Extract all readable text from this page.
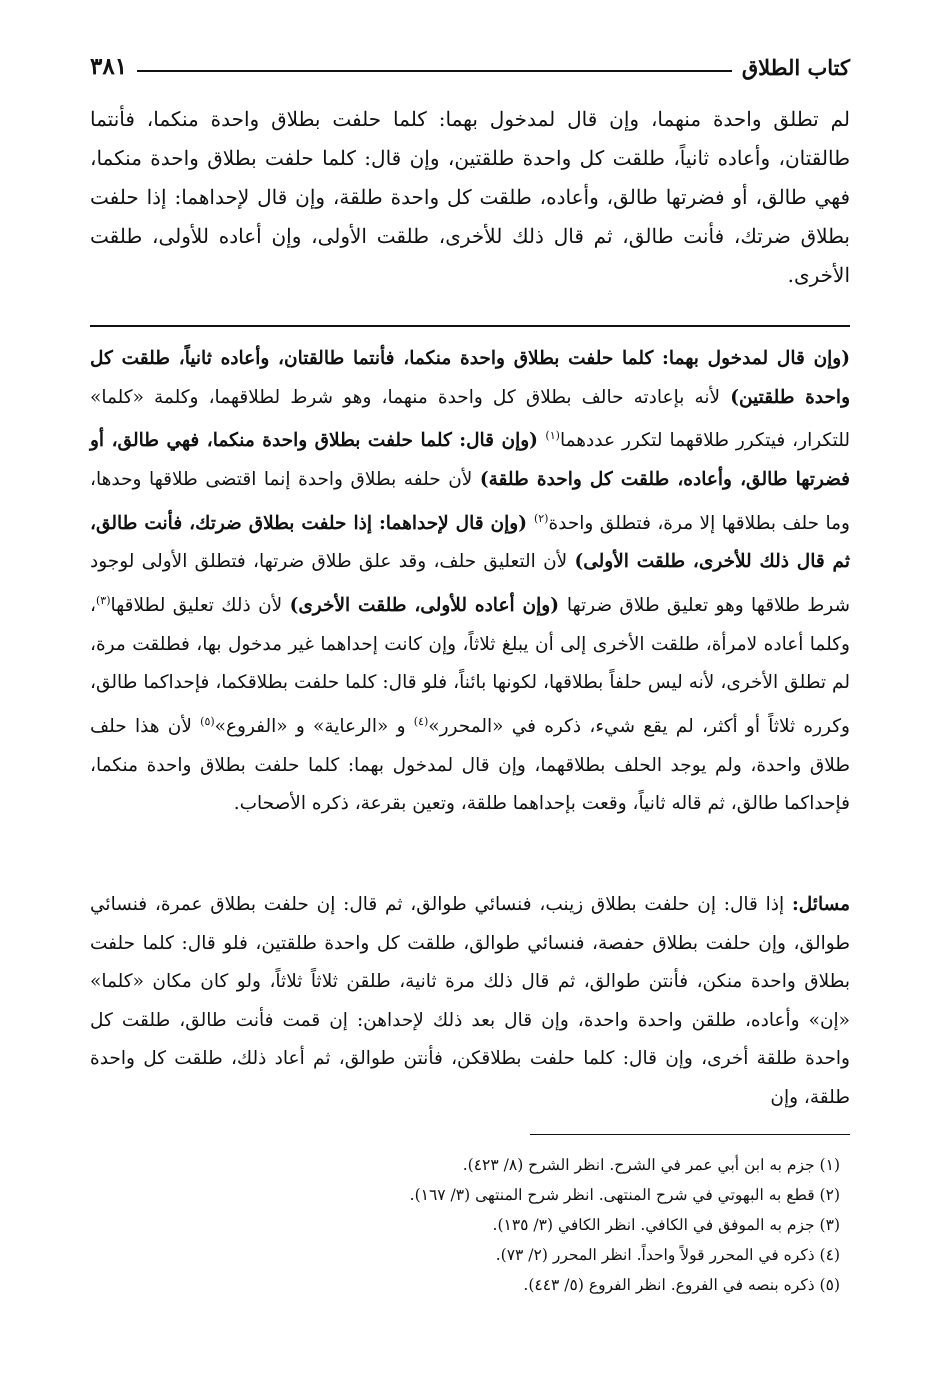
كتاب الطلاق
٣٨١

لم تطلق واحدة منهما، وإن قال لمدخول بهما: كلما حلفت بطلاق واحدة منكما، فأنتما طالقتان، وأعاده ثانياً، طلقت كل واحدة طلقتين، وإن قال: كلما حلفت بطلاق واحدة منكما، فهي طالق، أو فضرتها طالق، وأعاده، طلقت كل واحدة طلقة، وإن قال لإحداهما: إذا حلفت بطلاق ضرتك، فأنت طالق، ثم قال ذلك للأخرى، طلقت الأولى، وإن أعاده للأولى، طلقت الأخرى.

(وإن قال لمدخول بهما: كلما حلفت بطلاق واحدة منكما، فأنتما طالقتان، وأعاده ثانياً، طلقت كل واحدة طلقتين) لأنه بإعادته حالف بطلاق كل واحدة منهما، وهو شرط لطلاقهما، وكلمة «كلما» للتكرار، فيتكرر طلاقهما لتكرر عددهما$^{(١)}$ (وإن قال: كلما حلفت بطلاق واحدة منكما، فهي طالق، أو فضرتها طالق، وأعاده، طلقت كل واحدة طلقة) لأن حلفه بطلاق واحدة إنما اقتضى طلاقها وحدها، وما حلف بطلاقها إلا مرة، فتطلق واحدة$^{(٢)}$ (وإن قال لإحداهما: إذا حلفت بطلاق ضرتك، فأنت طالق، ثم قال ذلك للأخرى، طلقت الأولى) لأن التعليق حلف، وقد علق طلاق ضرتها، فتطلق الأولى لوجود شرط طلاقها وهو تعليق طلاق ضرتها (وإن أعاده للأولى، طلقت الأخرى) لأن ذلك تعليق لطلاقها$^{(٣)}$، وكلما أعاده لامرأة، طلقت الأخرى إلى أن يبلغ ثلاثاً، وإن كانت إحداهما غير مدخول بها، فطلقت مرة، لم تطلق الأخرى، لأنه ليس حلفاً بطلاقها، لكونها بائناً، فلو قال: كلما حلفت بطلاقكما، فإحداكما طالق، وكرره ثلاثاً أو أكثر، لم يقع شيء، ذكره في «المحرر»$^{(٤)}$ و «الرعاية» و «الفروع»$^{(٥)}$ لأن هذا حلف طلاق واحدة، ولم يوجد الحلف بطلاقهما، وإن قال لمدخول بهما: كلما حلفت بطلاق واحدة منكما، فإحداكما طالق، ثم قاله ثانياً، وقعت بإحداهما طلقة، وتعين بقرعة، ذكره الأصحاب.

مسائل: إذا قال: إن حلفت بطلاق زينب، فنسائي طوالق، ثم قال: إن حلفت بطلاق عمرة، فنسائي طوالق، وإن حلفت بطلاق حفصة، فنسائي طوالق، طلقت كل واحدة طلقتين، فلو قال: كلما حلفت بطلاق واحدة منكن، فأنتن طوالق، ثم قال ذلك مرة ثانية، طلقن ثلاثاً ثلاثاً، ولو كان مكان «كلما» «إن» وأعاده، طلقن واحدة واحدة، وإن قال بعد ذلك لإحداهن: إن قمت فأنت طالق، طلقت كل واحدة طلقة أخرى، وإن قال: كلما حلفت بطلاقكن، فأنتن طوالق، ثم أعاد ذلك، طلقت كل واحدة طلقة، وإن

(١) جزم به ابن أبي عمر في الشرح. انظر الشرح (٨/ ٤٢٣).
(٢) قطع به البهوتي في شرح المنتهى. انظر شرح المنتهى (٣/ ١٦٧).
(٣) جزم به الموفق في الكافي. انظر الكافي (٣/ ١٣٥).
(٤) ذكره في المحرر قولاً واحداً. انظر المحرر (٢/ ٧٣).
(٥) ذكره بنصه في الفروع. انظر الفروع (٥/ ٤٤٣).
